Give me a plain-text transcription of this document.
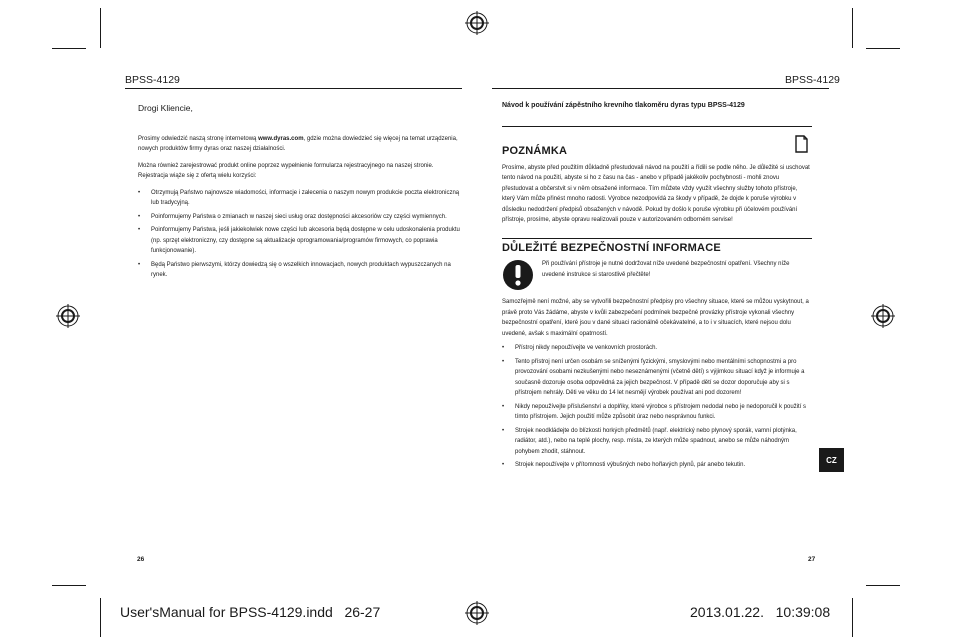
BPSS-4129	BPSS-4129
Drogi Kliencie,

Prosimy odwiedzić naszą stronę internetową www.dyras.com, gdzie można dowiedzieć się więcej na temat urządzenia, nowych produktów firmy dyras oraz naszej działalności.

Można również zarejestrować produkt online poprzez wypełnienie formularza rejestracyjnego na naszej stronie. Rejestracja wiąże się z ofertą wielu korzyści:

• Otrzymują Państwo najnowsze wiadomości, informacje i zalecenia o naszym nowym produkcie poczta elektroniczną lub tradycyjną.
• Poinformujemy Państwa o zmianach w naszej sieci usług oraz dostępności akcesoriów czy części wymiennych.
• Poinformujemy Państwa, jeśli jakiekolwiek nowe części lub akcesoria będą dostępne w celu udoskonalenia produktu (np. sprzęt elektroniczny, czy dostępne są aktualizacje oprogramowania/programów firmowych, co poprawia funkcjonowanie).
• Będą Państwo pierwszymi, którzy dowiedzą się o wszelkich innowacjach, nowych produktach wypuszczanych na rynek.
26
Návod k používání zápěstního krevního tlakoměru dyras typu BPSS-4129
POZNÁMKA

Prosíme, abyste před použitím důkladně přestudovali návod na použití a řídili se podle něho. Je důležité si uschovat tento návod na použití, abyste si ho z času na čas - anebo v případě jakékoliv pochybnosti - mohli znovu přestudovat a občerstvit si v něm obsažené informace. Tím můžete vždy využít všechny služby tohoto přístroje, který Vám může přinést mnoho radosti. Výrobce nezodpovídá za škody v případě, že dojde k poruše výrobku v důsledku nedodržení předpisů obsažených v návodě. Pokud by došlo k poruše výrobku při účelovém používání přístroje, prosíme, abyste opravu realizovali pouze v autorizovaném odborném servise!

DŮLEŽITÉ BEZPEČNOSTNÍ INFORMACE

Při používání přístroje je nutné dodržovat níže uvedené bezpečnostní opatření. Všechny níže uvedené instrukce si starostlivě přečtěte!

Samozřejmě není možné, aby se vytvořili bezpečnostní předpisy pro všechny situace, které se můžou vyskytnout, a právě proto Vás žádáme, abyste v kvůli zabezpečení podmínek bezpečné provázky přístroje vykonali všechny bezpečnostní opatření, které jsou v dané situaci racionálně očekávatelné, a to i v situacích, které nejsou dolu uvedené, avšak s maximální opatrností.

• Přístroj nikdy nepoužívejte ve venkovních prostorách.
• Tento přístroj není určen osobám se sníženými fyzickými, smyslovými nebo mentálními schopnostmi a pro provozování osobami nezkušenými nebo neseznámenými (včetně dětí) s výjimkou situací když je informuje a současně dozoruje osoba odpovědná za jejich bezpečnost. V případě dětí se dozor doporučuje aby si s přístrojem nehrály. Děti ve věku do 14 let nesmějí výrobek používat ani pod dozorem!
• Nikdy nepoužívejte příslušenství a doplňky, které výrobce s přístrojem nedodal nebo je nedoporučil k použití s tímto přístrojem. Jejich použití může způsobit úraz nebo nesprávnou funkci.
• Strojek neodkládejte do blízkosti horkých předmětů (např. elektrický nebo plynový sporák, vamní plotýnka, radiátor, atd.), nebo na teplé plochy, resp. místa, ze kterých může spadnout, anebo se může náhodným pohybem zhodit, stáhnout.
• Strojek nepoužívejte v přítomnosti výbušných nebo hořlavých plynů, pár anebo tekutin.
CZ
27
User'sManual for BPSS-4129.indd   26-27	2013.01.22.   10:39:08
